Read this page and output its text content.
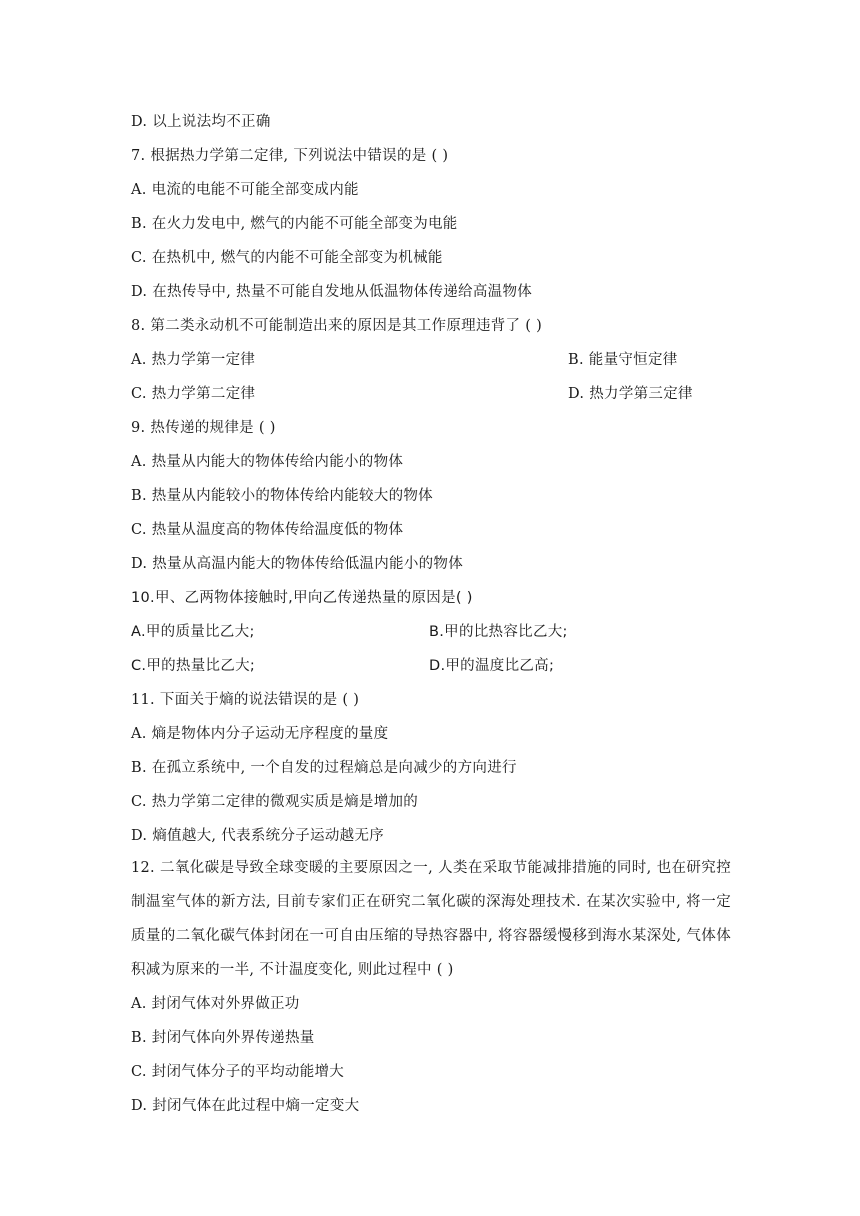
D. 以上说法均不正确
7. 根据热力学第二定律, 下列说法中错误的是 ( )
A. 电流的电能不可能全部变成内能
B. 在火力发电中, 燃气的内能不可能全部变为电能
C. 在热机中, 燃气的内能不可能全部变为机械能
D. 在热传导中, 热量不可能自发地从低温物体传递给高温物体
8. 第二类永动机不可能制造出来的原因是其工作原理违背了 ( )
A. 热力学第一定律	B. 能量守恒定律
C. 热力学第二定律	D. 热力学第三定律
9. 热传递的规律是 ( )
A. 热量从内能大的物体传给内能小的物体
B. 热量从内能较小的物体传给内能较大的物体
C. 热量从温度高的物体传给温度低的物体
D. 热量从高温内能大的物体传给低温内能小的物体
10.甲、乙两物体接触时,甲向乙传递热量的原因是( )
A.甲的质量比乙大;	B.甲的比热容比乙大;
C.甲的热量比乙大;	D.甲的温度比乙高;
11. 下面关于熵的说法错误的是 ( )
A. 熵是物体内分子运动无序程度的量度
B. 在孤立系统中, 一个自发的过程熵总是向减少的方向进行
C. 热力学第二定律的微观实质是熵是增加的
D. 熵值越大, 代表系统分子运动越无序
12. 二氧化碳是导致全球变暖的主要原因之一, 人类在采取节能减排措施的同时, 也在研究控制温室气体的新方法, 目前专家们正在研究二氧化碳的深海处理技术. 在某次实验中, 将一定质量的二氧化碳气体封闭在一可自由压缩的导热容器中, 将容器缓慢移到海水某深处, 气体体积减为原来的一半, 不计温度变化, 则此过程中 ( )
A. 封闭气体对外界做正功
B. 封闭气体向外界传递热量
C. 封闭气体分子的平均动能增大
D. 封闭气体在此过程中熵一定变大
